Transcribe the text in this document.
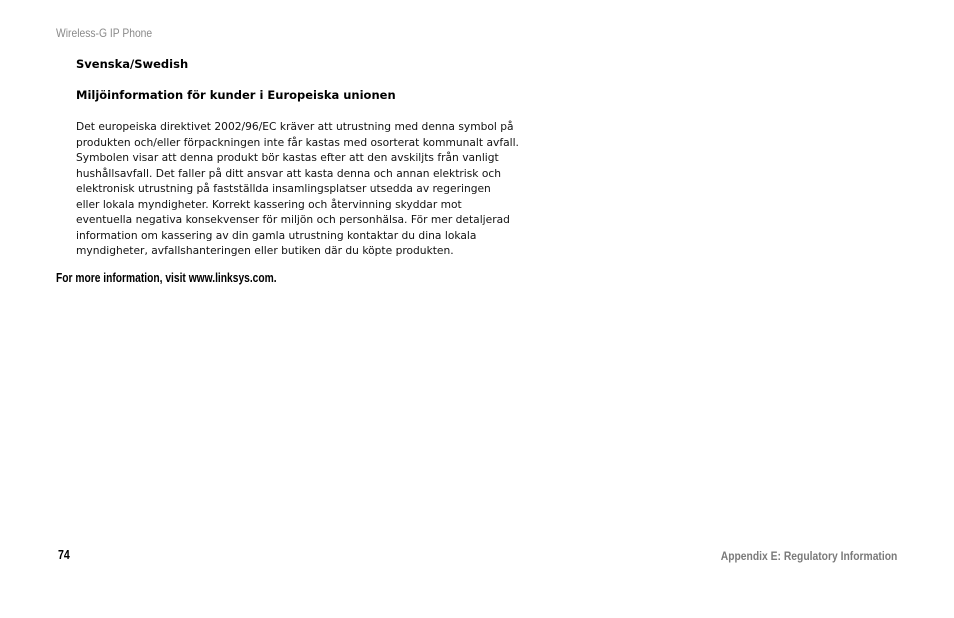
Wireless-G IP Phone

Svenska/Swedish

Miljöinformation för kunder i Europeiska unionen

Det europeiska direktivet 2002/96/EC kräver att utrustning med denna symbol på
produkten och/eller förpackningen inte får kastas med osorterat kommunalt avfall.
Symbolen visar att denna produkt bör kastas efter att den avskiljts från vanligt
hushållsavfall. Det faller på ditt ansvar att kasta denna och annan elektrisk och
elektronisk utrustning på fastställda insamlingsplatser utsedda av regeringen
eller lokala myndigheter. Korrekt kassering och återvinning skyddar mot
eventuella negativa konsekvenser för miljön och personhälsa. För mer detaljerad
information om kassering av din gamla utrustning kontaktar du dina lokala
myndigheter, avfallshanteringen eller butiken där du köpte produkten.
For more information, visit www.linksys.com.
74	Appendix E: Regulatory Information
